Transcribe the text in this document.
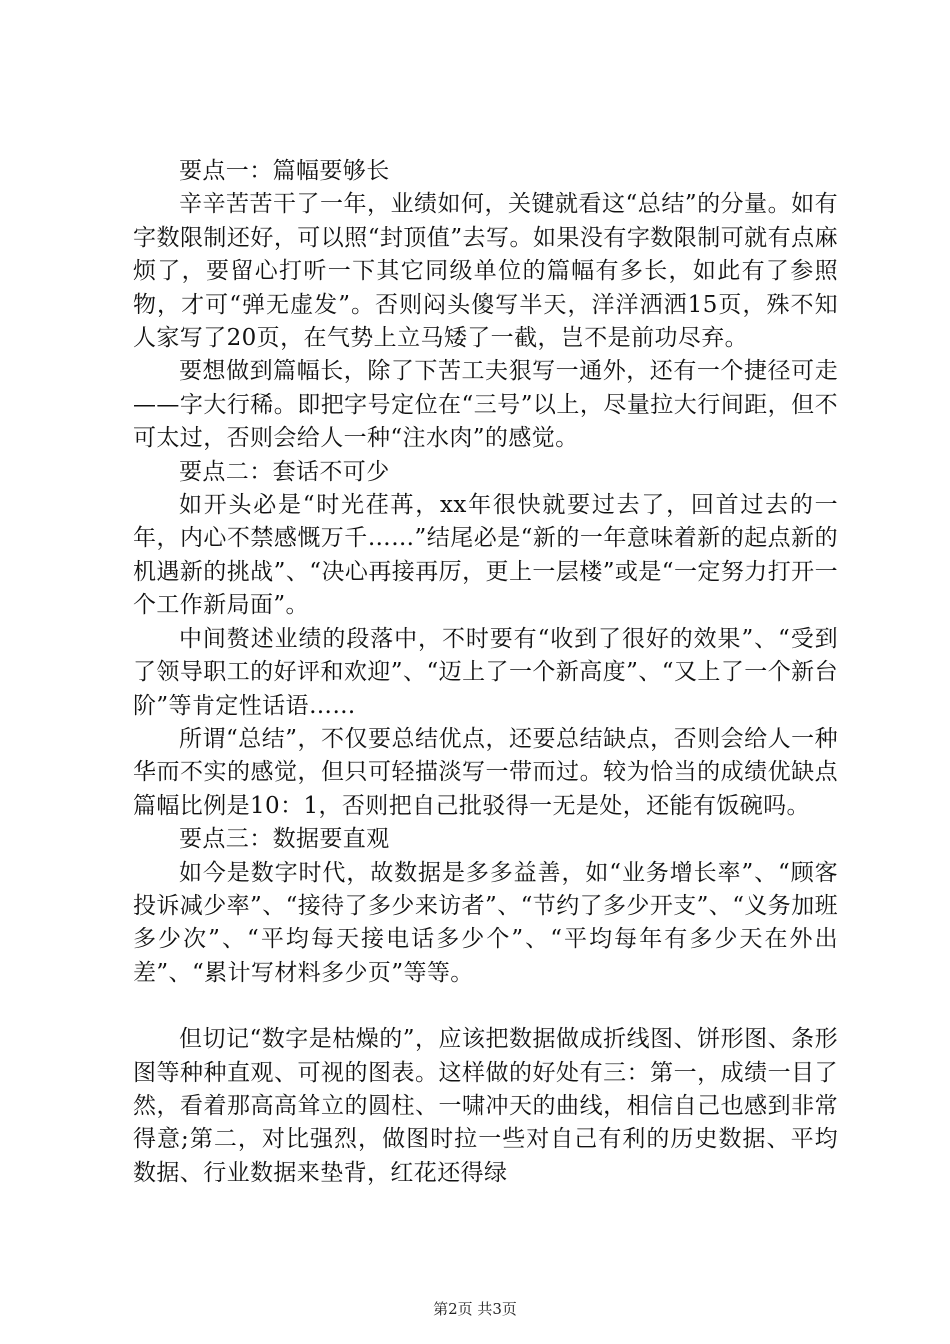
要点一：篇幅要够长

辛辛苦苦干了一年，业绩如何，关键就看这“总结”的分量。如有字数限制还好，可以照“封顶值”去写。如果没有字数限制可就有点麻烦了，要留心打听一下其它同级单位的篇幅有多长，如此有了参照物，才可“弹无虚发”。否则闷头傻写半天，洋洋洒洒15页，殊不知人家写了20页，在气势上立马矮了一截，岂不是前功尽弃。

要想做到篇幅长，除了下苦工夫狠写一通外，还有一个捷径可走——字大行稀。即把字号定位在“三号”以上，尽量拉大行间距，但不可太过，否则会给人一种“注水肉”的感觉。

要点二：套话不可少

如开头必是“时光荏苒，xx年很快就要过去了，回首过去的一年，内心不禁感慨万千……”结尾必是“新的一年意味着新的起点新的机遇新的挑战”、“决心再接再厉，更上一层楼”或是“一定努力打开一个工作新局面”。

中间赘述业绩的段落中，不时要有“收到了很好的效果”、“受到了领导职工的好评和欢迎”、“迈上了一个新高度”、“又上了一个新台阶”等肯定性话语……

所谓“总结”，不仅要总结优点，还要总结缺点，否则会给人一种华而不实的感觉，但只可轻描淡写一带而过。较为恰当的成绩优缺点篇幅比例是10：1，否则把自己批驳得一无是处，还能有饭碗吗。

要点三：数据要直观

如今是数字时代，故数据是多多益善，如“业务增长率”、“顾客投诉减少率”、“接待了多少来访者”、“节约了多少开支”、“义务加班多少次”、“平均每天接电话多少个”、“平均每年有多少天在外出差”、“累计写材料多少页”等等。

但切记“数字是枯燥的”，应该把数据做成折线图、饼形图、条形图等种种直观、可视的图表。这样做的好处有三：第一，成绩一目了然，看着那高高耸立的圆柱、一啸冲天的曲线，相信自己也感到非常得意;第二，对比强烈，做图时拉一些对自己有利的历史数据、平均数据、行业数据来垫背，红花还得绿

第2页 共3页
